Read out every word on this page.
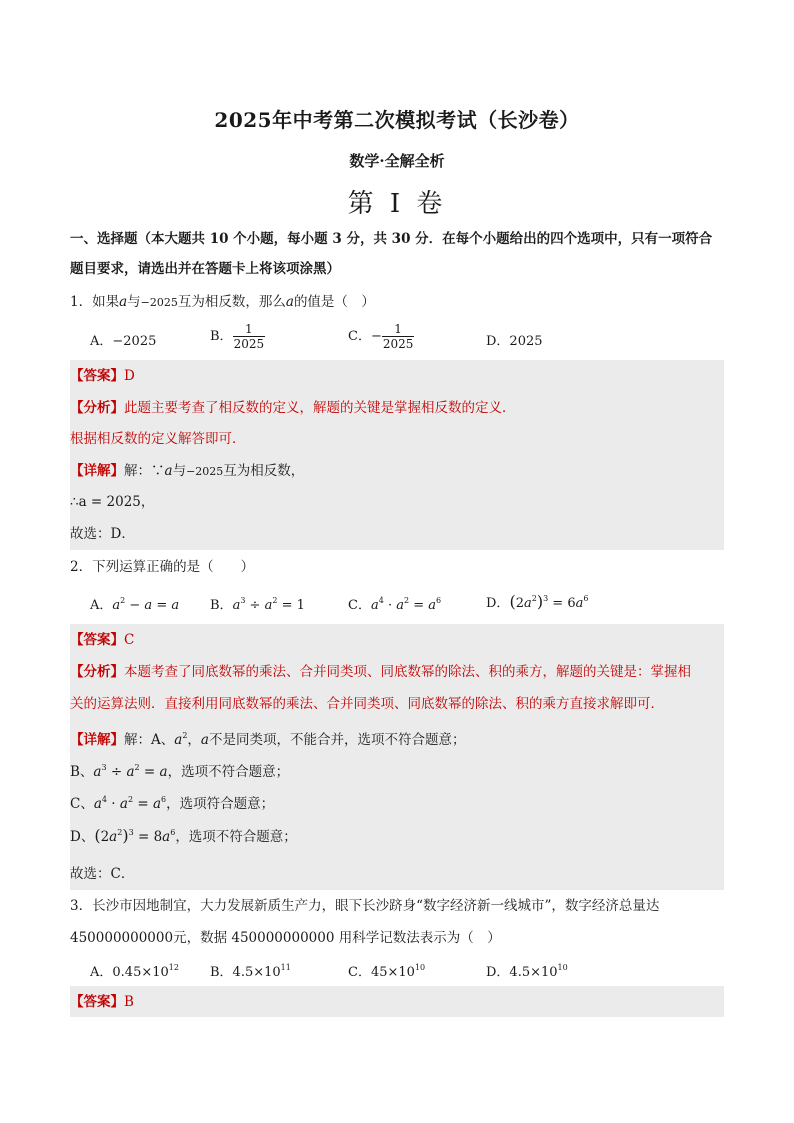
2025年中考第二次模拟考试（长沙卷）
数学·全解全析
第 I 卷
一、选择题（本大题共 10 个小题，每小题 3 分，共 30 分．在每个小题给出的四个选项中，只有一项符合
题目要求，请选出并在答题卡上将该项涂黑）
1．如果a与−2025互为相反数，那么a的值是（　）
A．−2025	B． $\frac{1}{2025}$	C．− $\frac{1}{2025}$	D．2025
【答案】D
【分析】此题主要考查了相反数的定义，解题的关键是掌握相反数的定义．
根据相反数的定义解答即可．
【详解】解：∵a与−2025互为相反数，
∴a = 2025，
故选：D．
2．下列运算正确的是（　　）
A．$a^2 - a = a$ B．$a^3 \div a^2 = 1$	C．$a^4 \cdot a^2 = a^6$	D．$(2a^2)^3 = 6a^6$
【答案】C
【分析】本题考查了同底数幂的乘法、合并同类项、同底数幂的除法、积的乘方，解题的关键是：掌握相
关的运算法则．直接利用同底数幂的乘法、合并同类项、同底数幂的除法、积的乘方直接求解即可．
【详解】解：A、$a^2$，a不是同类项，不能合并，选项不符合题意；
B、$a^3 \div a^2 = a$，选项不符合题意；
C、$a^4 \cdot a^2 = a^6$，选项符合题意；
D、$(2a^2)^3 = 8a^6$，选项不符合题意；
故选：C．
3．长沙市因地制宜，大力发展新质生产力，眼下长沙跻身“数字经济新一线城市”，数字经济总量达
450000000000元，数据 450000000000 用科学记数法表示为（　）
A．$0.45\times 10^{12}$ B．$4.5\times 10^{11}$	C．$45\times 10^{10}$	D．$4.5\times 10^{10}$
【答案】B
